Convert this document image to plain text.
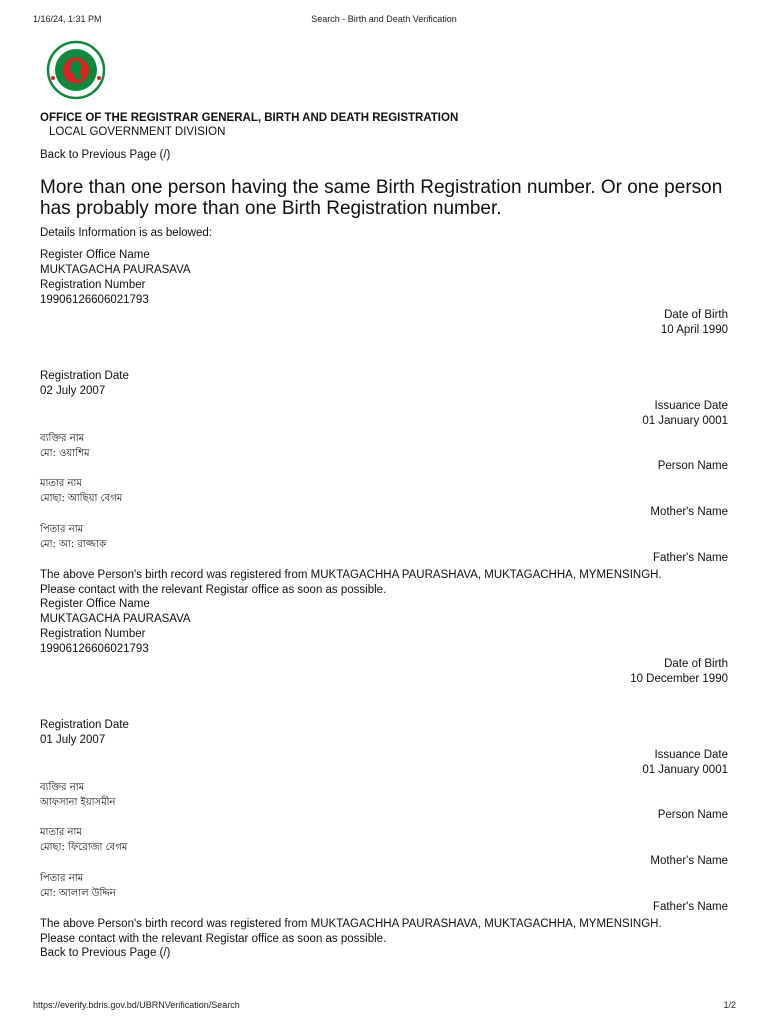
1/16/24, 1:31 PM	Search - Birth and Death Verification
OFFICE OF THE REGISTRAR GENERAL, BIRTH AND DEATH REGISTRATION
LOCAL GOVERNMENT DIVISION
Back to Previous Page (/)
More than one person having the same Birth Registration number. Or one person has probably more than one Birth Registration number.
Details Information is as belowed:
Register Office Name
MUKTAGACHA PAURASAVA
Registration Number
19906126606021793
Date of Birth
10 April 1990
Registration Date
02 July 2007
Issuance Date
01 January 0001
ব্যক্তির নাম
মো: ওয়াশিম
Person Name
মাতার নাম
মোছা: আছিয়া বেগম
Mother's Name
পিতার নাম
মো: আ: রাজ্জাক
Father's Name
The above Person's birth record was registered from MUKTAGACHHA PAURASHAVA, MUKTAGACHHA, MYMENSINGH. Please contact with the relevant Registar office as soon as possible.
Register Office Name
MUKTAGACHA PAURASAVA
Registration Number
19906126606021793
Date of Birth
10 December 1990
Registration Date
01 July 2007
Issuance Date
01 January 0001
ব্যক্তির নাম
আফসানা ইয়াসমীন
Person Name
মাতার নাম
মোছা: ফিরোজা বেগম
Mother's Name
পিতার নাম
মো: আলাল উদ্দিন
Father's Name
The above Person's birth record was registered from MUKTAGACHHA PAURASHAVA, MUKTAGACHHA, MYMENSINGH. Please contact with the relevant Registar office as soon as possible.
Back to Previous Page (/)
https://everify.bdris.gov.bd/UBRNVerification/Search	1/2
